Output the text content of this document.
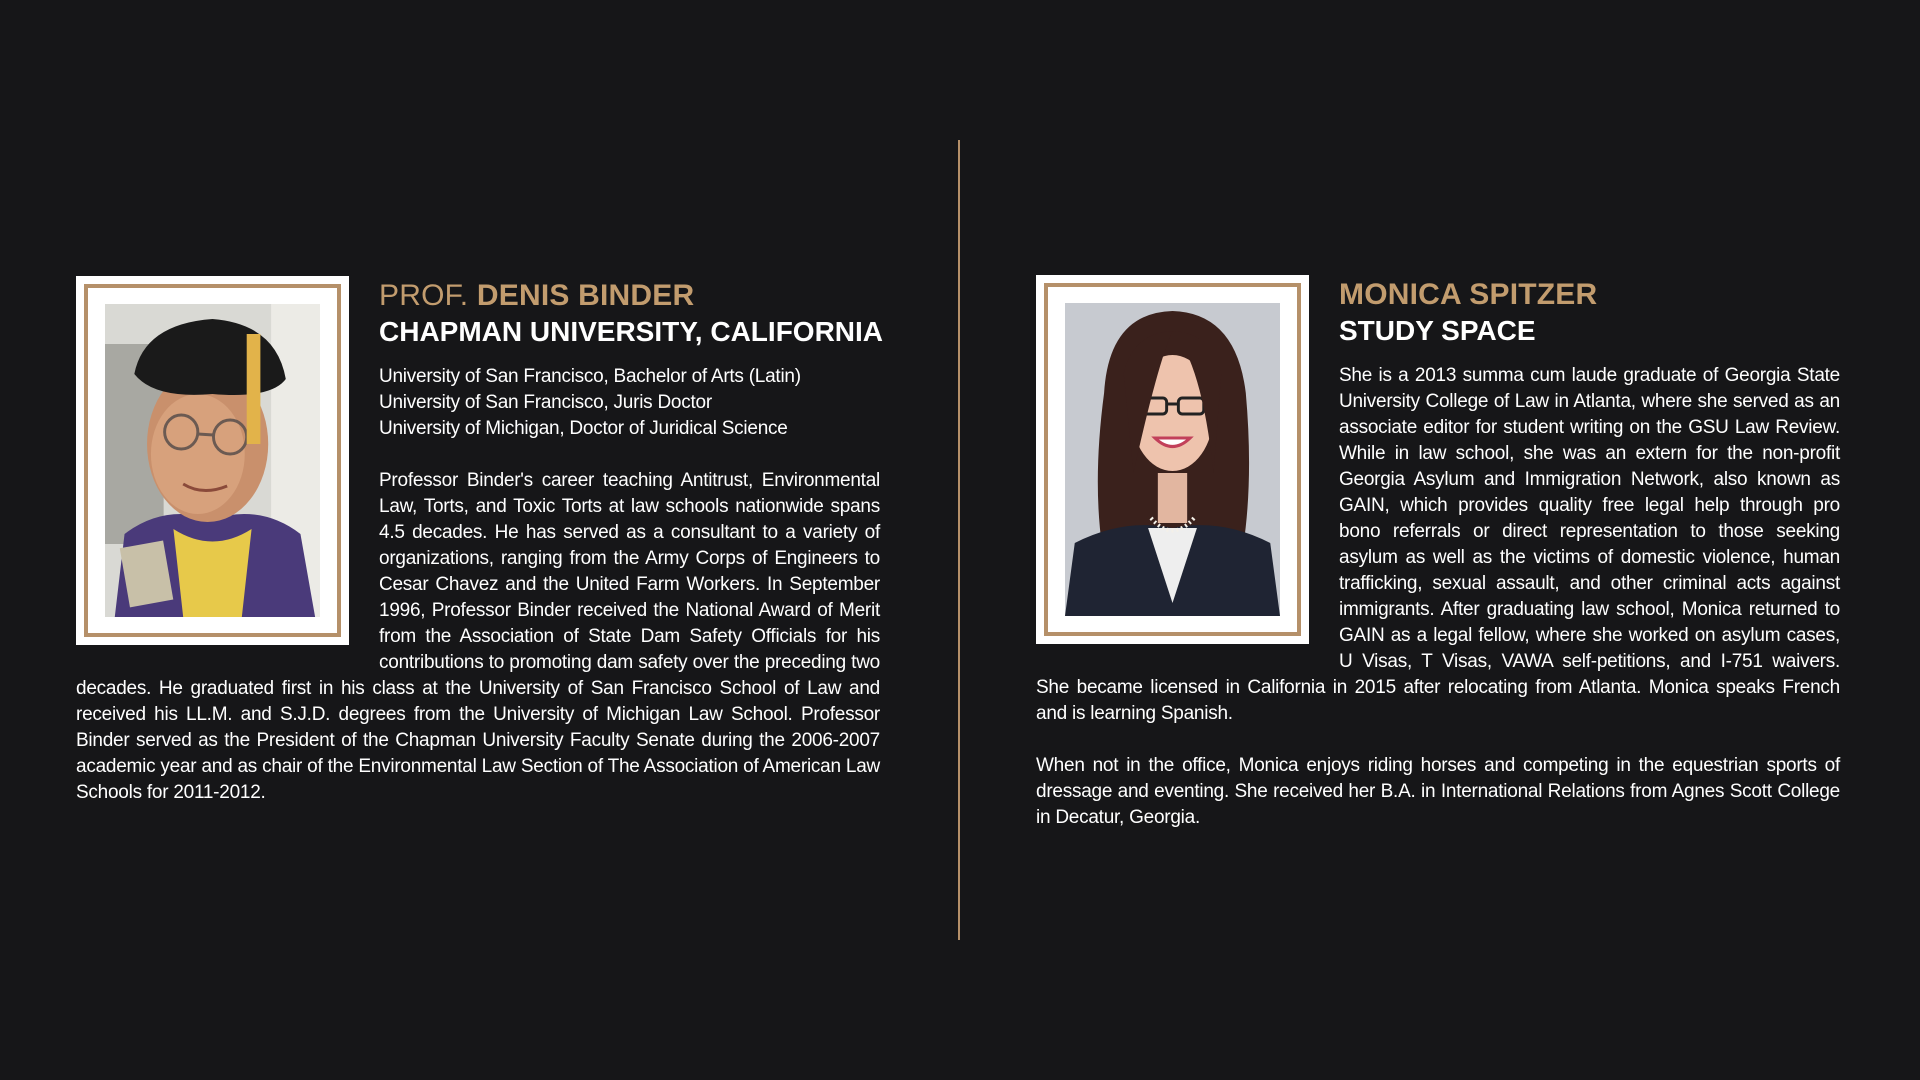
PROF. DENIS BINDER
CHAPMAN UNIVERSITY, CALIFORNIA
University of San Francisco, Bachelor of Arts (Latin)
University of San Francisco, Juris Doctor
University of Michigan, Doctor of Juridical Science

Professor Binder's career teaching Antitrust, Environmental Law, Torts, and Toxic Torts at law schools nationwide spans 4.5 decades. He has served as a consultant to a variety of organizations, ranging from the Army Corps of Engineers to Cesar Chavez and the United Farm Workers. In September 1996, Professor Binder received the National Award of Merit from the Association of State Dam Safety Officials for his contributions to promoting dam safety over the preceding two decades. He graduated first in his class at the University of San Francisco School of Law and received his LL.M. and S.J.D. degrees from the University of Michigan Law School. Professor Binder served as the President of the Chapman University Faculty Senate during the 2006-2007 academic year and as chair of the Environmental Law Section of The Association of American Law Schools for 2011-2012.

MONICA SPITZER
STUDY SPACE

She is a 2013 summa cum laude graduate of Georgia State University College of Law in Atlanta, where she served as an associate editor for student writing on the GSU Law Review. While in law school, she was an extern for the non-profit Georgia Asylum and Immigration Network, also known as GAIN, which provides quality free legal help through pro bono referrals or direct representation to those seeking asylum as well as the victims of domestic violence, human trafficking, sexual assault, and other criminal acts against immigrants. After graduating law school, Monica returned to GAIN as a legal fellow, where she worked on asylum cases, U Visas, T Visas, VAWA self-petitions, and I-751 waivers. She became licensed in California in 2015 after relocating from Atlanta. Monica speaks French and is learning Spanish.

When not in the office, Monica enjoys riding horses and competing in the equestrian sports of dressage and eventing. She received her B.A. in International Relations from Agnes Scott College in Decatur, Georgia.
